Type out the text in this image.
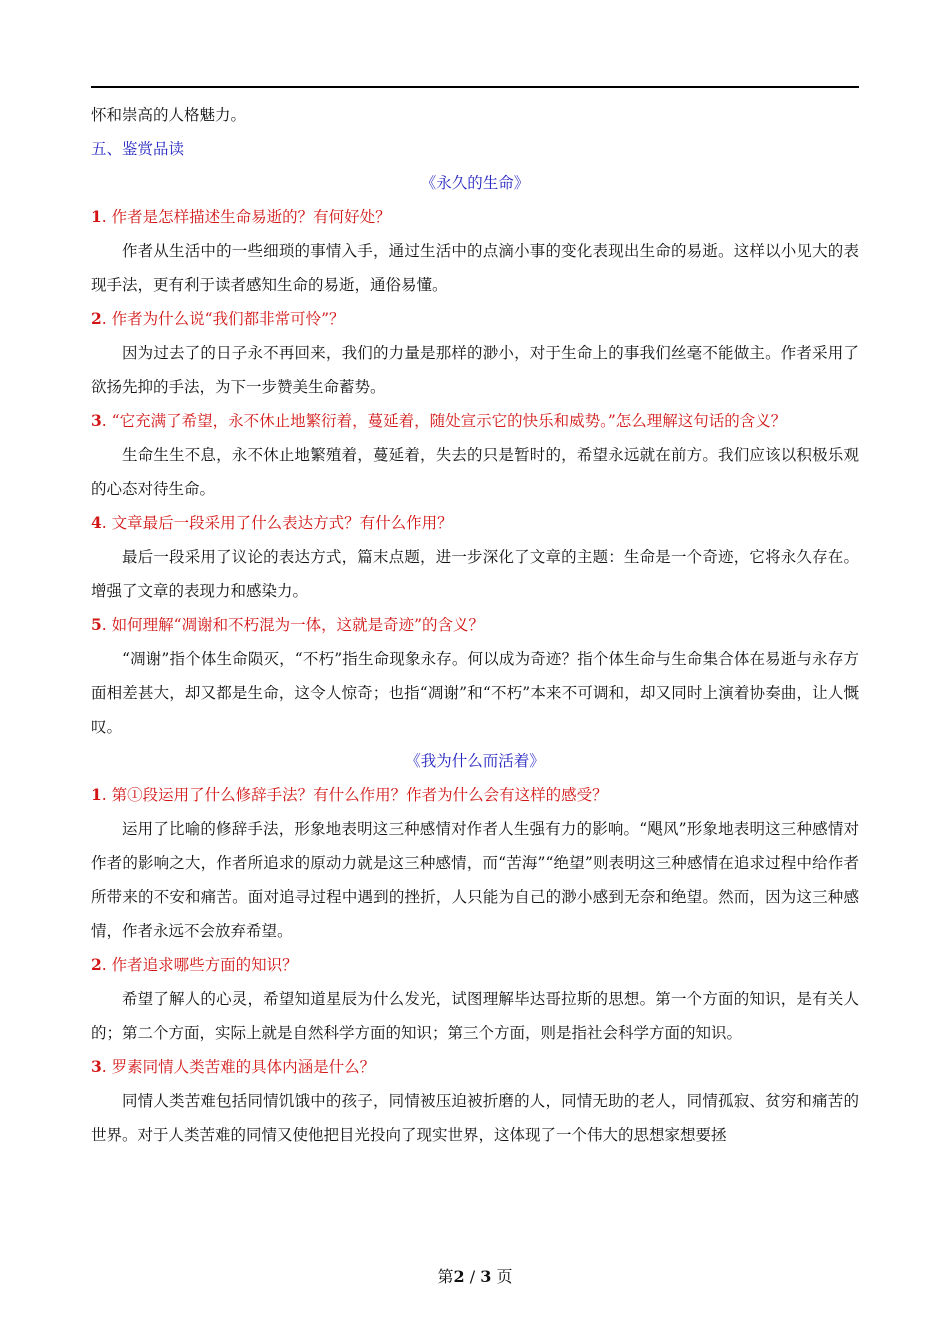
怀和崇高的人格魅力。

五、鉴赏品读

《永久的生命》

1. 作者是怎样描述生命易逝的？有何好处？

作者从生活中的一些细琐的事情入手，通过生活中的点滴小事的变化表现出生命的易逝。这样以小见大的表现手法，更有利于读者感知生命的易逝，通俗易懂。

2. 作者为什么说“我们都非常可怜”？

因为过去了的日子永不再回来，我们的力量是那样的渺小，对于生命上的事我们丝毫不能做主。作者采用了欲扬先抑的手法，为下一步赞美生命蓄势。

3. “它充满了希望，永不休止地繁衍着，蔓延着，随处宣示它的快乐和威势。”怎么理解这句话的含义？

生命生生不息，永不休止地繁殖着，蔓延着，失去的只是暂时的，希望永远就在前方。我们应该以积极乐观的心态对待生命。

4. 文章最后一段采用了什么表达方式？有什么作用？

最后一段采用了议论的表达方式，篇末点题，进一步深化了文章的主题：生命是一个奇迹，它将永久存在。增强了文章的表现力和感染力。

5. 如何理解“凋谢和不朽混为一体，这就是奇迹”的含义？

“凋谢”指个体生命陨灭，“不朽”指生命现象永存。何以成为奇迹？指个体生命与生命集合体在易逝与永存方面相差甚大，却又都是生命，这令人惊奇；也指“凋谢”和“不朽”本来不可调和，却又同时上演着协奏曲，让人慨叹。

《我为什么而活着》

1. 第①段运用了什么修辞手法？有什么作用？作者为什么会有这样的感受？

运用了比喻的修辞手法，形象地表明这三种感情对作者人生强有力的影响。“飓风”形象地表明这三种感情对作者的影响之大，作者所追求的原动力就是这三种感情，而“苦海”“绝望”则表明这三种感情在追求过程中给作者所带来的不安和痛苦。面对追寻过程中遇到的挫折，人只能为自己的渺小感到无奈和绝望。然而，因为这三种感情，作者永远不会放弃希望。

2. 作者追求哪些方面的知识？

希望了解人的心灵，希望知道星辰为什么发光，试图理解毕达哥拉斯的思想。第一个方面的知识，是有关人的；第二个方面，实际上就是自然科学方面的知识；第三个方面，则是指社会科学方面的知识。

3. 罗素同情人类苦难的具体内涵是什么？

同情人类苦难包括同情饥饿中的孩子，同情被压迫被折磨的人，同情无助的老人，同情孤寂、贫穷和痛苦的世界。对于人类苦难的同情又使他把目光投向了现实世界，这体现了一个伟大的思想家想要拯

第2 / 3 页
